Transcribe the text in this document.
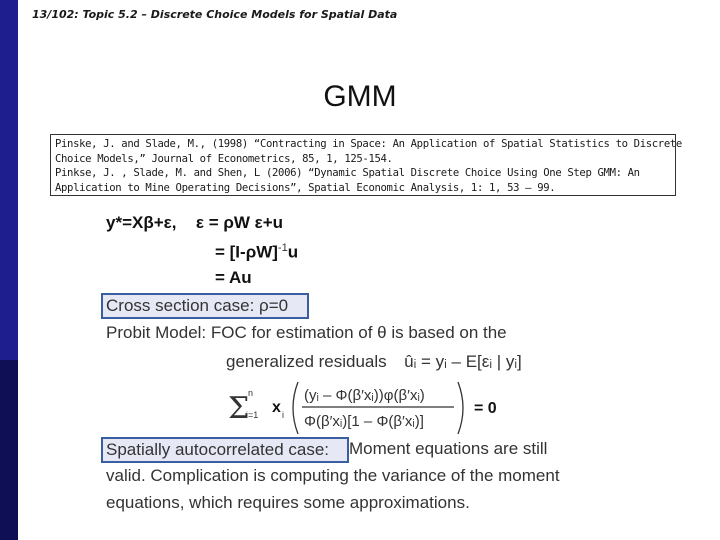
13/102: Topic 5.2 – Discrete Choice Models for Spatial Data
GMM
Pinske, J. and Slade, M., (1998) “Contracting in Space: An Application of Spatial Statistics to Discrete
Choice Models,” Journal of Econometrics, 85, 1, 125-154.
Pinkse, J. , Slade, M. and Shen, L (2006) “Dynamic Spatial Discrete Choice Using One Step GMM: An
Application to Mine Operating Decisions”, Spatial Economic Analysis, 1: 1, 53 — 99.
y*=Xβ+ε, ε = ρW ε+u
= $[I-\rho W]^{-1}u$
= Au
Cross section case: ρ=0
Probit Model: FOC for estimation of θ is based on the
generalized residuals ûᵢ = yᵢ – E[εᵢ | yᵢ]
Σ
n
i=1 x i
(yᵢ – Φ(β′xᵢ))φ(β′xᵢ)
Φ(β′xᵢ)[1 – Φ(β′xᵢ)]
= 0
Spatially autocorrelated case:	Moment equations are still
valid. Complication is computing the variance of the moment
equations, which requires some approximations.
